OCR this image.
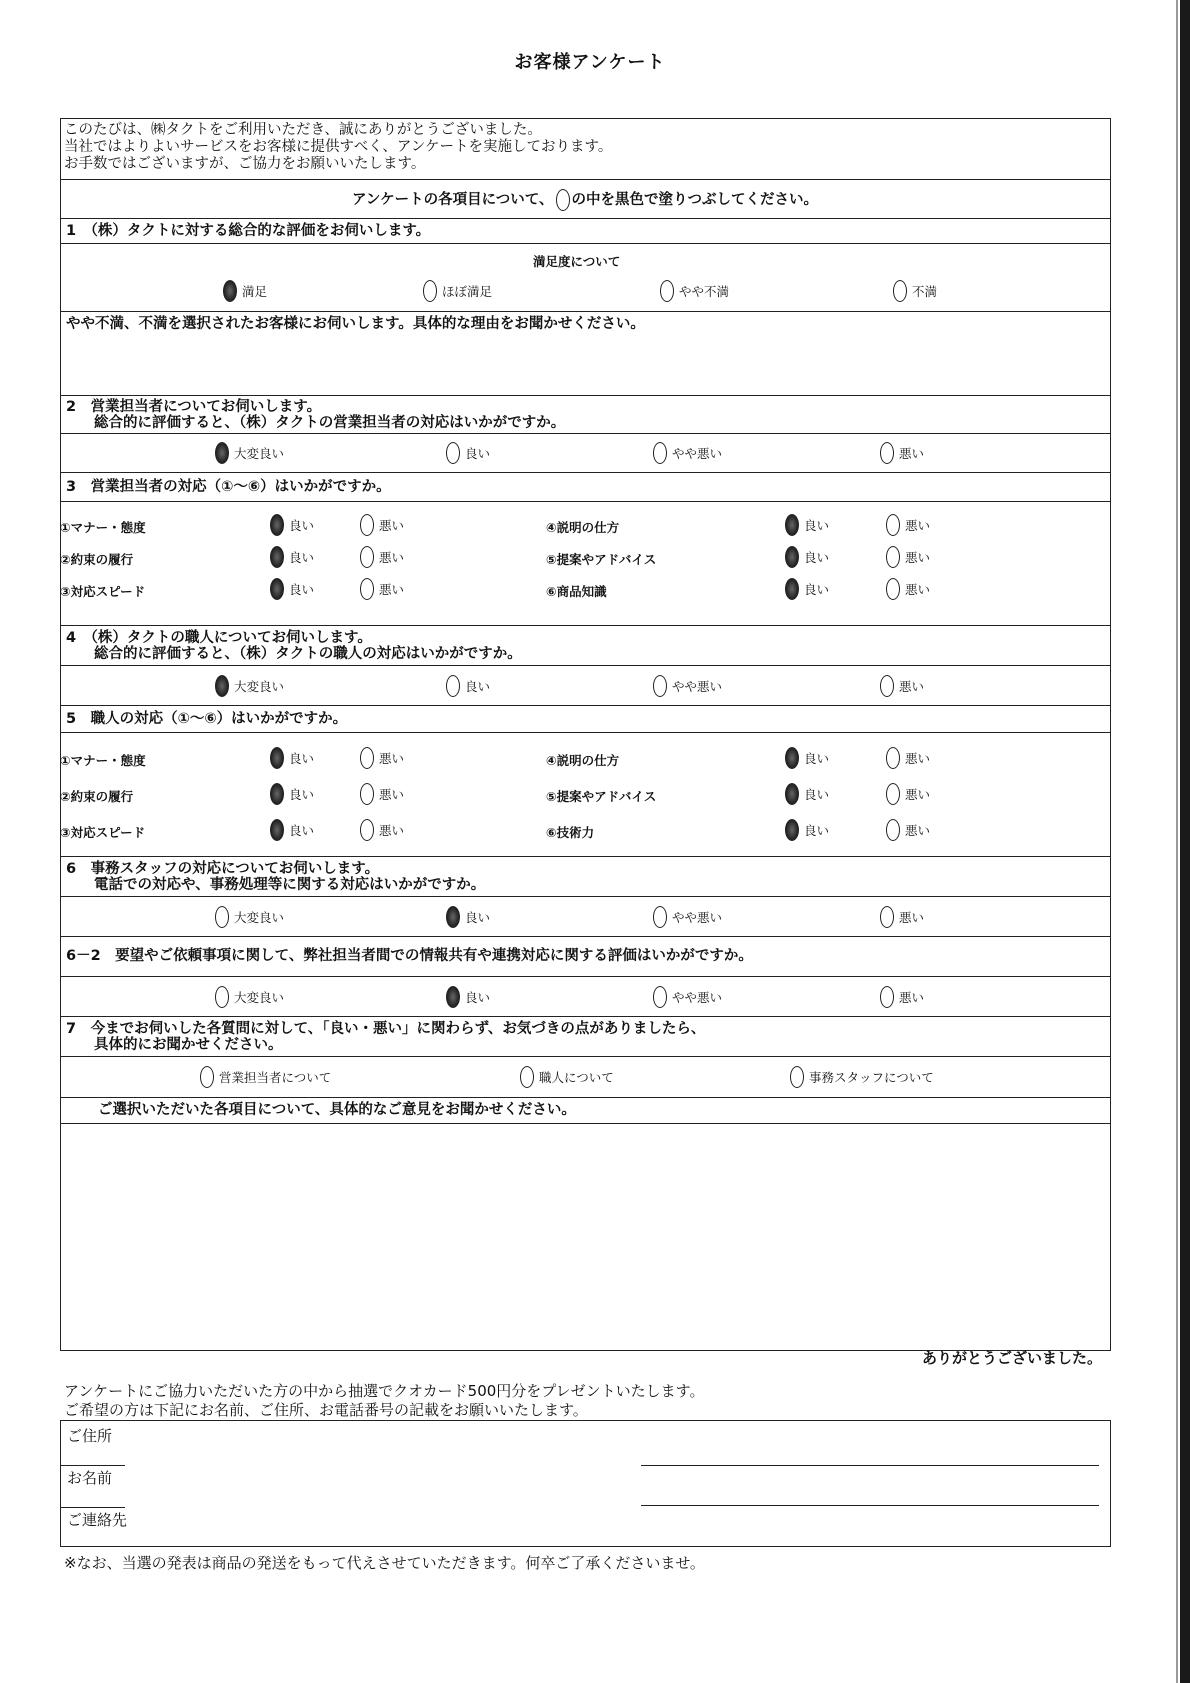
お客様アンケート
このたびは、㈱タクトをご利用いただき、誠にありがとうございました。
当社ではよりよいサービスをお客様に提供すべく、アンケートを実施しております。
お手数ではございますが、ご協力をお願いいたします。
アンケートの各項目について、 の中を黒色で塗りつぶしてください。
1　（株）タクトに対する総合的な評価をお伺いします。
満足度について
満足	ほぼ満足	やや不満	不満
やや不満、不満を選択されたお客様にお伺いします。具体的な理由をお聞かせください。
2　営業担当者についてお伺いします。
総合的に評価すると、（株）タクトの営業担当者の対応はいかがですか。
大変良い	良い	やや悪い	悪い
3　営業担当者の対応（①～⑥）はいかがですか。
①マナー・態度	良い	悪い	④説明の仕方	良い	悪い
②約束の履行	良い	悪い	⑤提案やアドバイス	良い	悪い
③対応スピード	良い	悪い	⑥商品知識	良い	悪い
4　（株）タクトの職人についてお伺いします。
総合的に評価すると、（株）タクトの職人の対応はいかがですか。
大変良い	良い	やや悪い	悪い
5　職人の対応（①～⑥）はいかがですか。
①マナー・態度	良い	悪い	④説明の仕方	良い	悪い
②約束の履行	良い	悪い	⑤提案やアドバイス	良い	悪い
③対応スピード	良い	悪い	⑥技術力	良い	悪い
6　事務スタッフの対応についてお伺いします。
電話での対応や、事務処理等に関する対応はいかがですか。
大変良い	良い	やや悪い	悪い
6－2　要望やご依頼事項に関して、弊社担当者間での情報共有や連携対応に関する評価はいかがですか。
大変良い	良い	やや悪い	悪い
7　今までお伺いした各質問に対して、「良い・悪い」に関わらず、お気づきの点がありましたら、
具体的にお聞かせください。
営業担当者について	職人について	事務スタッフについて
ご選択いただいた各項目について、具体的なご意見をお聞かせください。
ありがとうございました。
アンケートにご協力いただいた方の中から抽選でクオカード500円分をプレゼントいたします。
ご希望の方は下記にお名前、ご住所、お電話番号の記載をお願いいたします。
ご住所
お名前
ご連絡先
※なお、当選の発表は商品の発送をもって代えさせていただきます。何卒ご了承くださいませ。
